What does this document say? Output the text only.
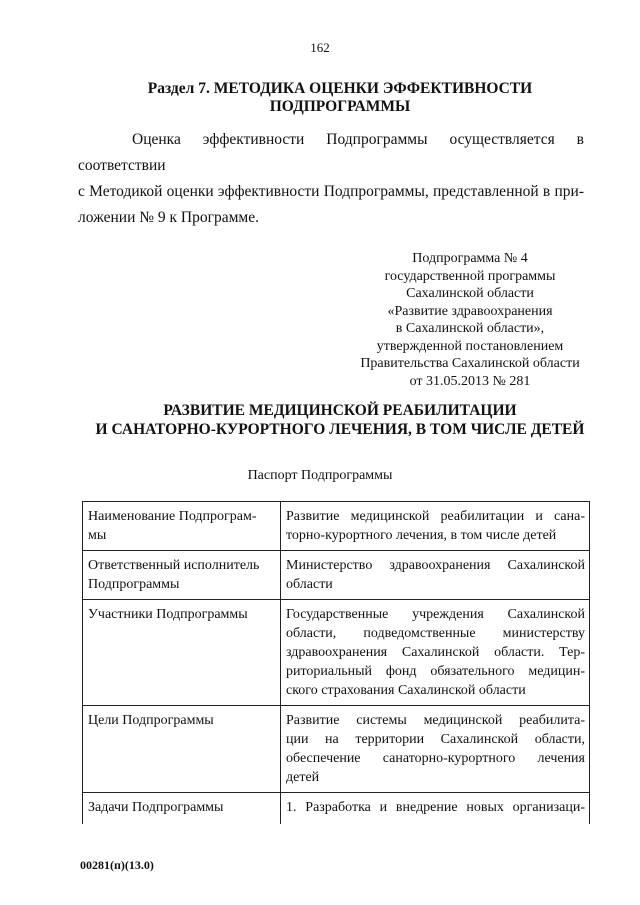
162
Раздел 7. МЕТОДИКА ОЦЕНКИ ЭФФЕКТИВНОСТИ
ПОДПРОГРАММЫ

Оценка эффективности Подпрограммы осуществляется в соответствии
с Методикой оценки эффективности Подпрограммы, представленной в при-
ложении № 9 к Программе.

Подпрограмма № 4
государственной программы
Сахалинской области
«Развитие здравоохранения
в Сахалинской области»,
утвержденной постановлением
Правительства Сахалинской области
от 31.05.2013 № 281
РАЗВИТИЕ МЕДИЦИНСКОЙ РЕАБИЛИТАЦИИ
И САНАТОРНО-КУРОРТНОГО ЛЕЧЕНИЯ, В ТОМ ЧИСЛЕ ДЕТЕЙ
Паспорт Подпрограммы
Наименование Подпрограм-
мы	Развитие медицинской реабилитации и сана-
торно-курортного лечения, в том числе детей

Ответственный исполнитель
Подпрограммы	Министерство здравоохранения Сахалинской
области

Участники Подпрограммы	Государственные учреждения Сахалинской
области, подведомственные министерству
здравоохранения Сахалинской области. Тер-
риториальный фонд обязательного медицин-
ского страхования Сахалинской области

Цели Подпрограммы	Развитие системы медицинской реабилита-
ции на территории Сахалинской области,
обеспечение санаторно-курортного лечения
детей

Задачи Подпрограммы	1. Разработка и внедрение новых организаци-
00281(п)(13.0)
